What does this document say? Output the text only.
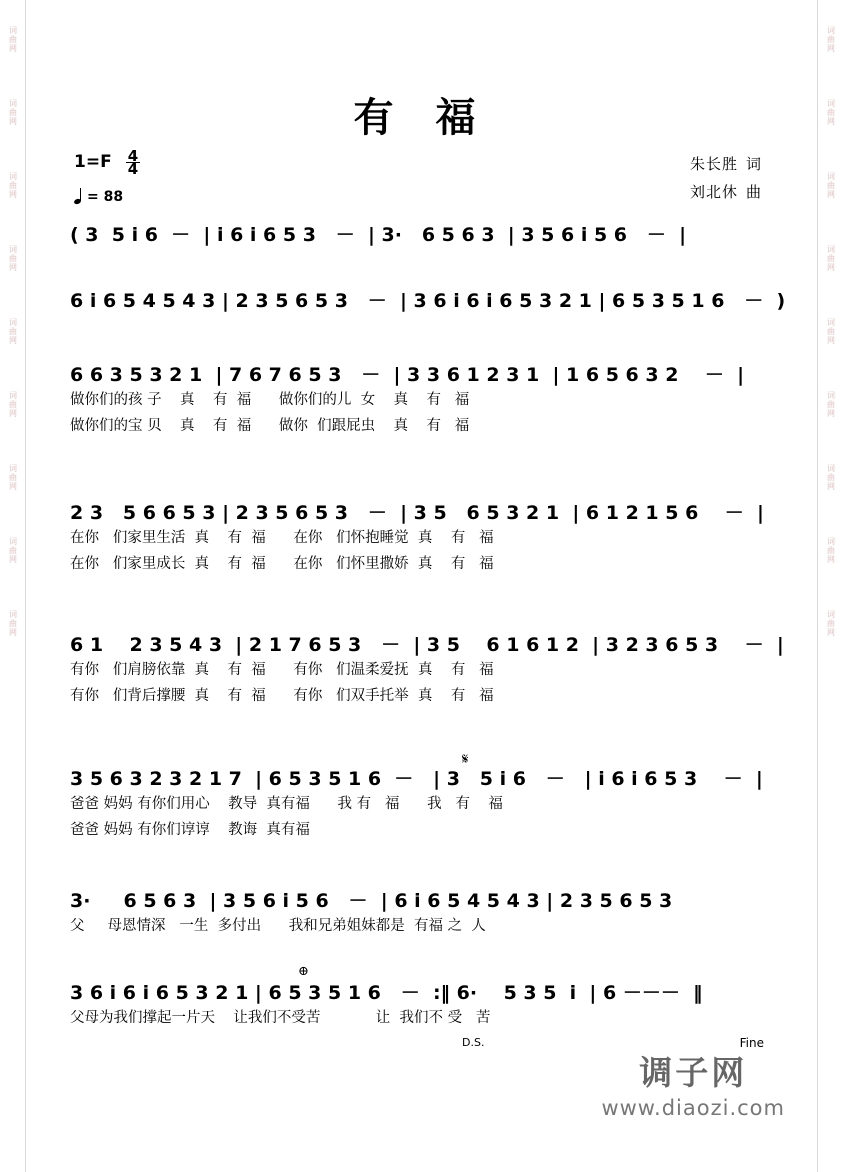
词曲网
词曲网
词曲网
词曲网
词曲网
词曲网
词曲网
词曲网
词曲网
词曲网
词曲网
词曲网
词曲网
词曲网
词曲网
词曲网
词曲网
词曲网
有 福
朱长胜 词
刘北休 曲
$1=F \frac{4}{4}$
= 88
( 3  5 i 6  －  | i 6 i 6 5 3   －  | 3·   6 5 6 3  | 3 5 6 i 5 6   －  |
6 i 6 5 4 5 4 3 | 2 3 5 6 5 3   －  | 3 6 i 6 i 6 5 3 2 1 | 6 5 3 5 1 6   －  )
6 6 3 5 3 2 1  | 7 6 7 6 5 3   －  | 3 3 6 1 2 3 1  | 1 6 5 6 3 2    －  |
做你们的孩 子    真    有  福      做你们的儿  女    真    有   福
做你们的宝 贝    真    有  福      做你  们跟屁虫    真    有   福
2 3   5 6 6 5 3 | 2 3 5 6 5 3   －  | 3 5   6 5 3 2 1  | 6 1 2 1 5 6    －  |
在你   们家里生活  真    有  福      在你   们怀抱睡觉  真    有   福
在你   们家里成长  真    有  福      在你   们怀里撒娇  真    有   福
6 1    2 3 5 4 3  | 2 1 7 6 5 3   －  | 3 5    6 1 6 1 2  | 3 2 3 6 5 3    －  |
有你   们肩膀依靠  真    有  福      有你   们温柔爱抚  真    有   福
有你   们背后撑腰  真    有  福      有你   们双手托举  真    有   福
𝄋
3 5 6 3 2 3 2 1 7  | 6 5 3 5 1 6  －   | 3   5 i 6   －   | i 6 i 6 5 3    －  |
爸爸 妈妈 有你们用心    教导  真有福      我 有   福      我   有    福
爸爸 妈妈 有你们谆谆    教诲  真有福
3·     6 5 6 3  | 3 5 6 i 5 6   －  | 6 i 6 5 4 5 4 3 | 2 3 5 6 5 3
父     母恩情深   一生  多付出      我和兄弟姐妹都是  有福 之  人
⊕
3 6 i 6 i 6 5 3 2 1 | 6 5 3 5 1 6   －  :‖ 6·    5 3 5  i  | 6 －－－  ‖
父母为我们撑起一片天    让我们不受苦            让  我们不 受   苦
D.S.	Fine
调子网
www.diaozi.com
